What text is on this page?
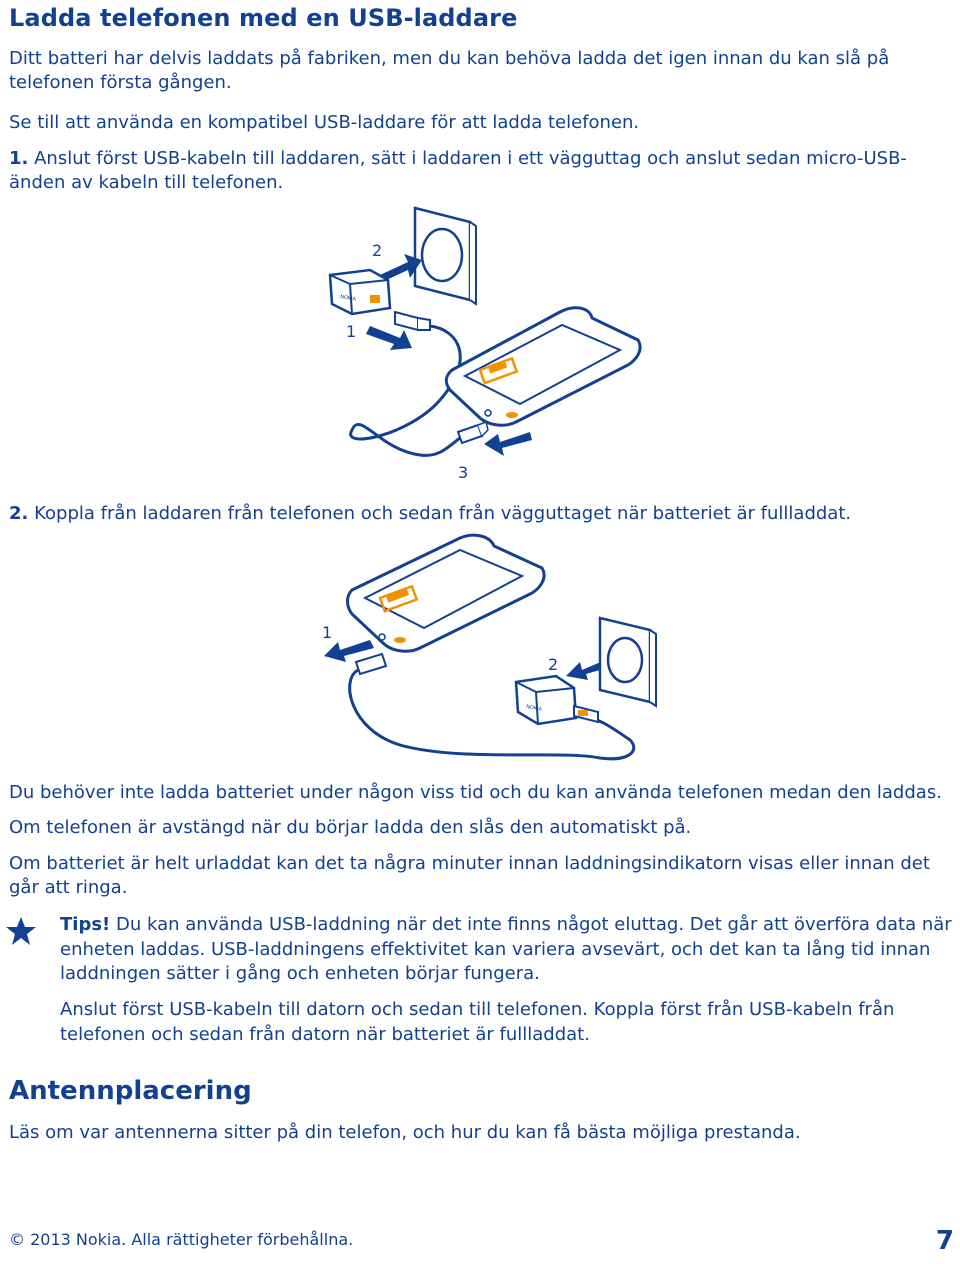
Ladda telefonen med en USB-laddare

Ditt batteri har delvis laddats på fabriken, men du kan behöva ladda det igen innan du kan slå på telefonen första gången.

Se till att använda en kompatibel USB-laddare för att ladda telefonen.

1. Anslut först USB-kabeln till laddaren, sätt i laddaren i ett vägguttag och anslut sedan micro-USB-änden av kabeln till telefonen.

2
NOKIA
1
3

2. Koppla från laddaren från telefonen och sedan från vägguttaget när batteriet är fullladdat.

1
NOKIA
2

Du behöver inte ladda batteriet under någon viss tid och du kan använda telefonen medan den laddas.

Om telefonen är avstängd när du börjar ladda den slås den automatiskt på.

Om batteriet är helt urladdat kan det ta några minuter innan laddningsindikatorn visas eller innan det går att ringa.

Tips! Du kan använda USB-laddning när det inte finns något eluttag. Det går att överföra data när enheten laddas. USB-laddningens effektivitet kan variera avsevärt, och det kan ta lång tid innan laddningen sätter i gång och enheten börjar fungera.

Anslut först USB-kabeln till datorn och sedan till telefonen. Koppla först från USB-kabeln från telefonen och sedan från datorn när batteriet är fullladdat.

Antennplacering

Läs om var antennerna sitter på din telefon, och hur du kan få bästa möjliga prestanda.

© 2013 Nokia. Alla rättigheter förbehållna.	7
